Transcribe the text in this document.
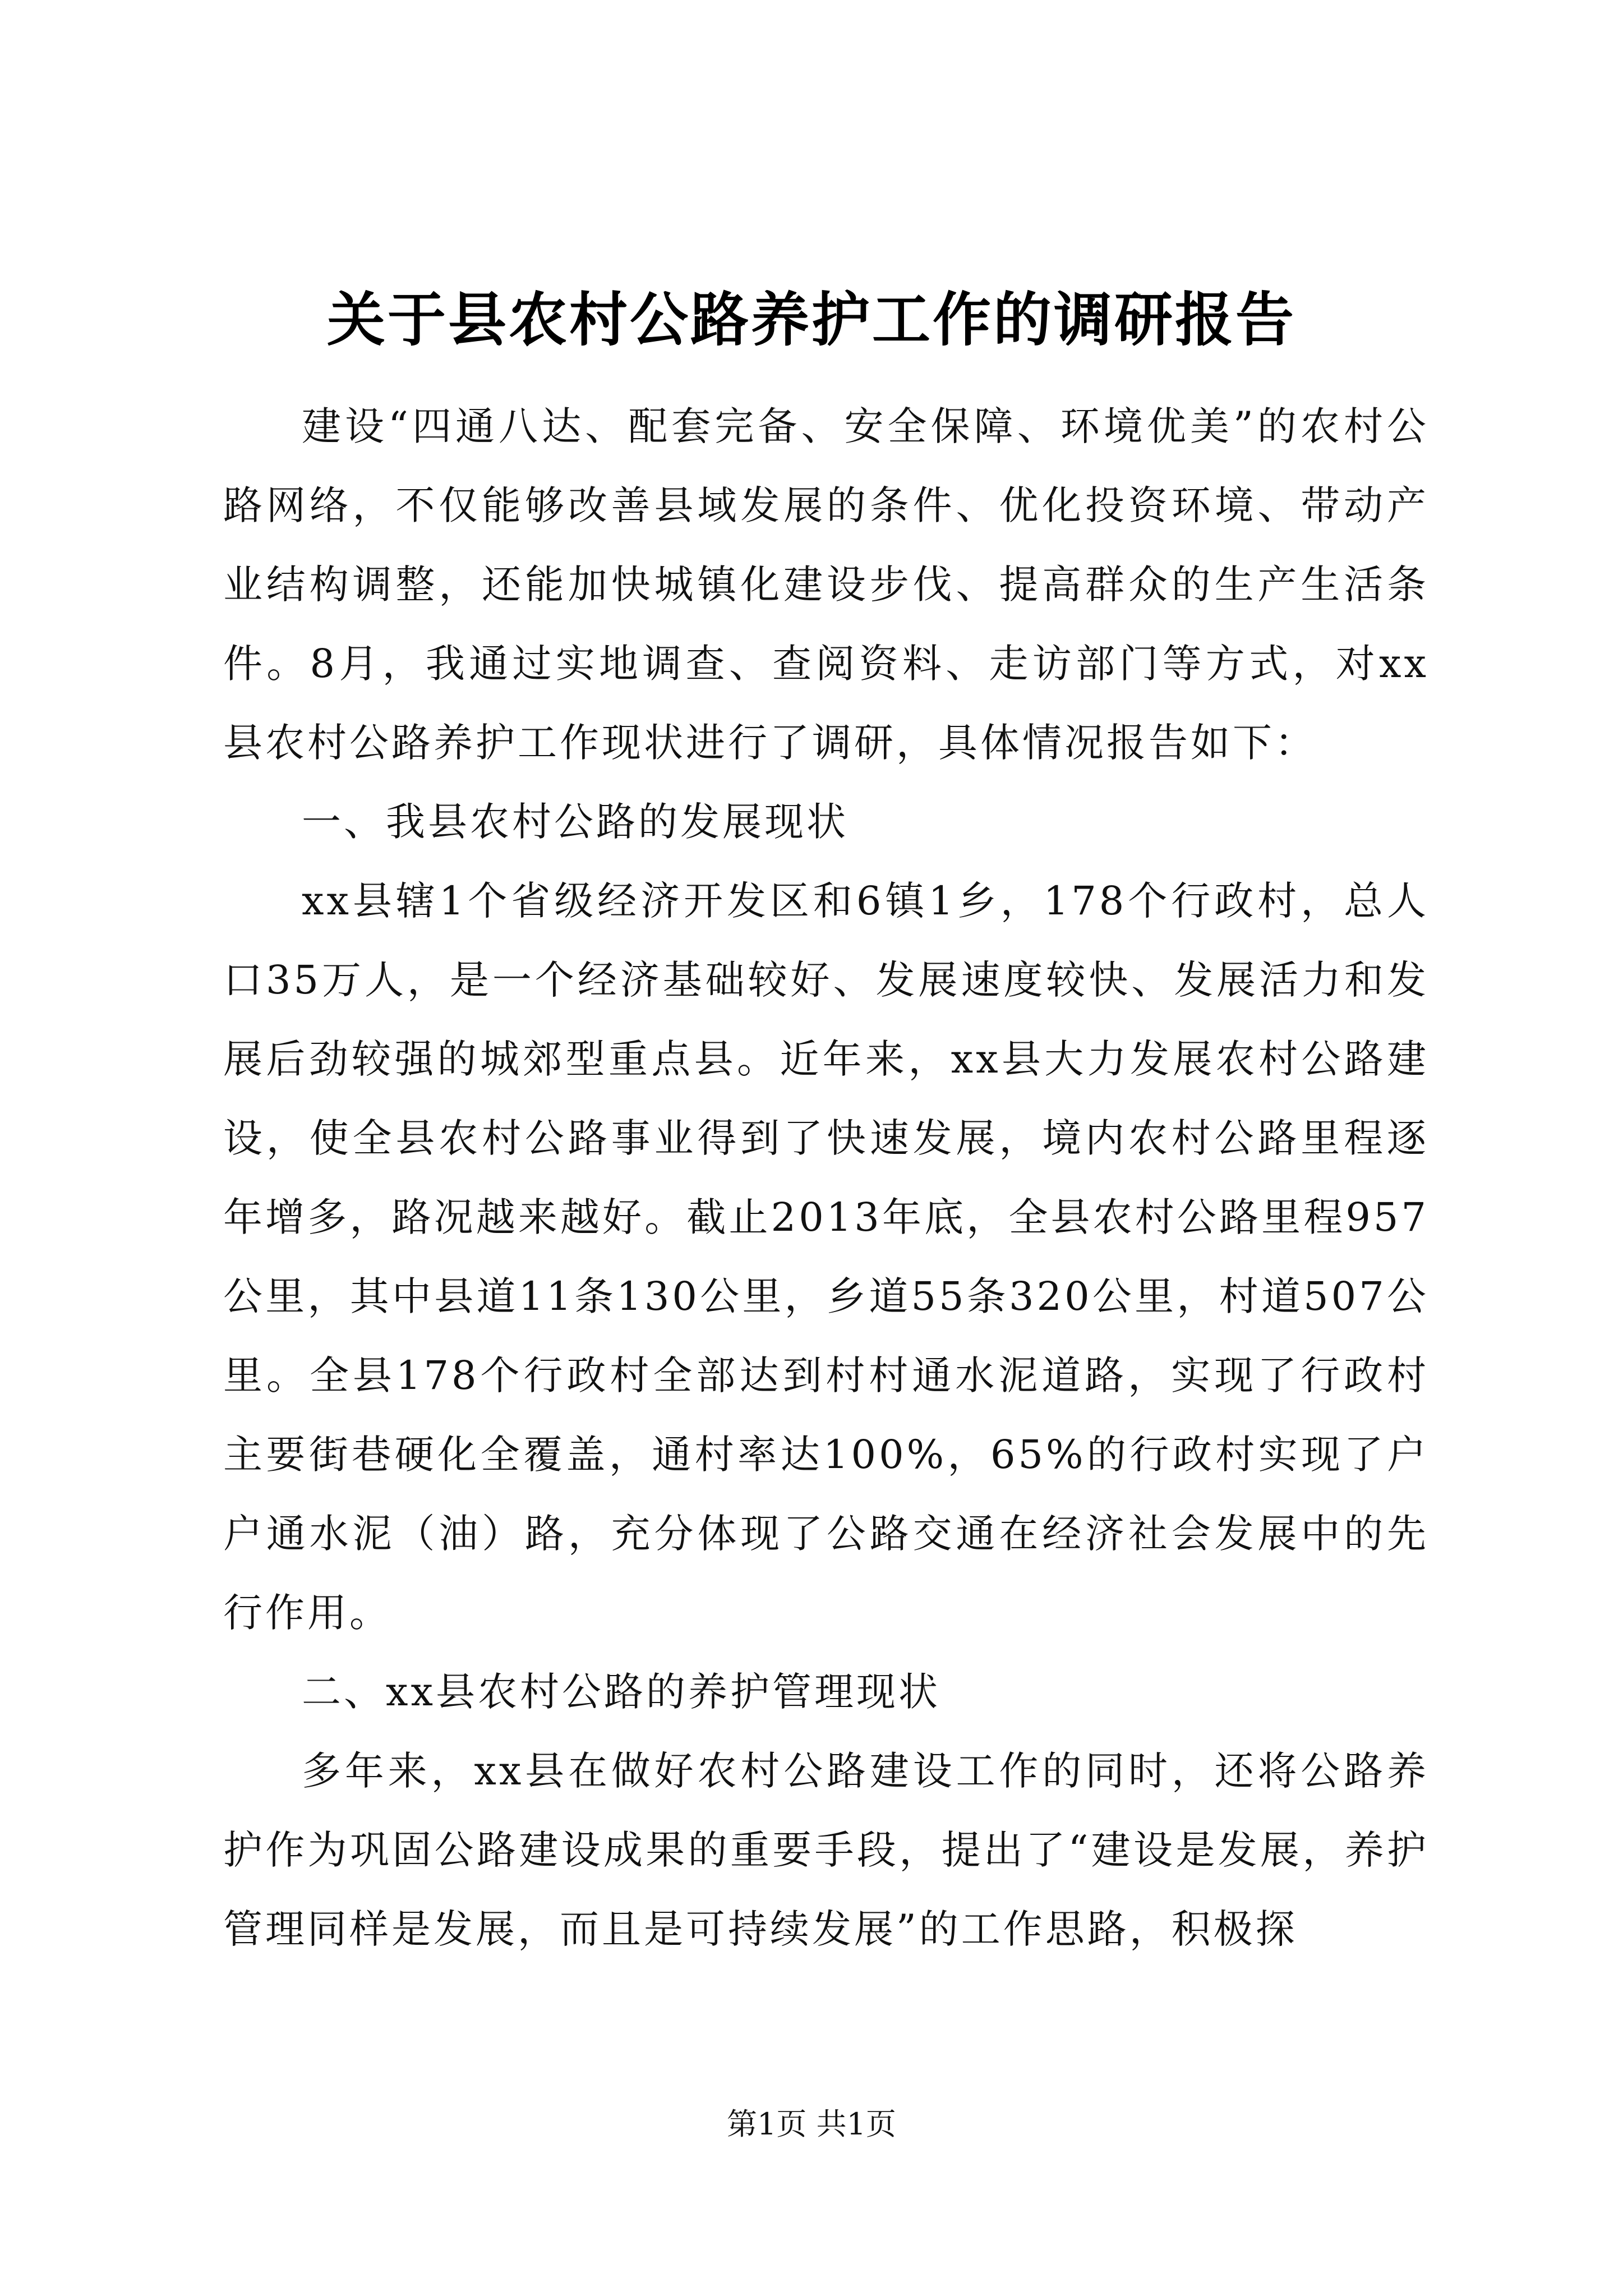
关于县农村公路养护工作的调研报告

建设“四通八达、配套完备、安全保障、环境优美”的农村公路网络，不仅能够改善县域发展的条件、优化投资环境、带动产业结构调整，还能加快城镇化建设步伐、提高群众的生产生活条件。8月，我通过实地调查、查阅资料、走访部门等方式，对xx县农村公路养护工作现状进行了调研，具体情况报告如下：

一、我县农村公路的发展现状

xx县辖1个省级经济开发区和6镇1乡，178个行政村，总人口35万人，是一个经济基础较好、发展速度较快、发展活力和发展后劲较强的城郊型重点县。近年来，xx县大力发展农村公路建设，使全县农村公路事业得到了快速发展，境内农村公路里程逐年增多，路况越来越好。截止2013年底，全县农村公路里程957公里，其中县道11条130公里，乡道55条320公里，村道507公里。全县178个行政村全部达到村村通水泥道路，实现了行政村主要街巷硬化全覆盖，通村率达100%，65%的行政村实现了户户通水泥（油）路，充分体现了公路交通在经济社会发展中的先行作用。

二、xx县农村公路的养护管理现状

多年来，xx县在做好农村公路建设工作的同时，还将公路养护作为巩固公路建设成果的重要手段，提出了“建设是发展，养护管理同样是发展，而且是可持续发展”的工作思路，积极探

第1页 共1页
